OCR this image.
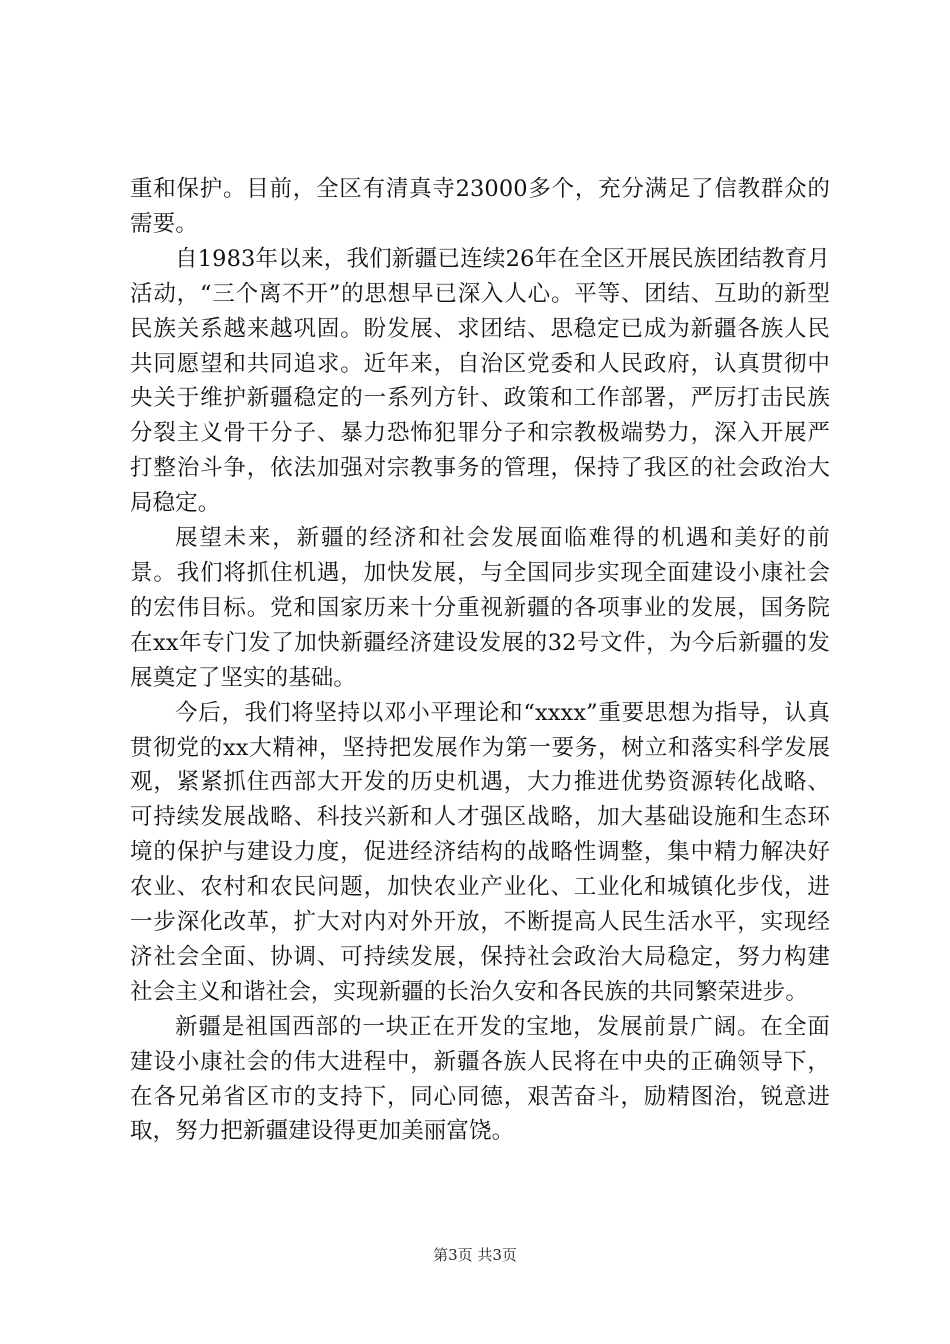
重和保护。目前，全区有清真寺23000多个，充分满足了信教群众的需要。

自1983年以来，我们新疆已连续26年在全区开展民族团结教育月活动，“三个离不开”的思想早已深入人心。平等、团结、互助的新型民族关系越来越巩固。盼发展、求团结、思稳定已成为新疆各族人民共同愿望和共同追求。近年来，自治区党委和人民政府，认真贯彻中央关于维护新疆稳定的一系列方针、政策和工作部署，严厉打击民族分裂主义骨干分子、暴力恐怖犯罪分子和宗教极端势力，深入开展严打整治斗争，依法加强对宗教事务的管理，保持了我区的社会政治大局稳定。

展望未来，新疆的经济和社会发展面临难得的机遇和美好的前景。我们将抓住机遇，加快发展，与全国同步实现全面建设小康社会的宏伟目标。党和国家历来十分重视新疆的各项事业的发展，国务院在xx年专门发了加快新疆经济建设发展的32号文件，为今后新疆的发展奠定了坚实的基础。

今后，我们将坚持以邓小平理论和“xxxx”重要思想为指导，认真贯彻党的xx大精神，坚持把发展作为第一要务，树立和落实科学发展观，紧紧抓住西部大开发的历史机遇，大力推进优势资源转化战略、可持续发展战略、科技兴新和人才强区战略，加大基础设施和生态环境的保护与建设力度，促进经济结构的战略性调整，集中精力解决好农业、农村和农民问题，加快农业产业化、工业化和城镇化步伐，进一步深化改革，扩大对内对外开放，不断提高人民生活水平，实现经济社会全面、协调、可持续发展，保持社会政治大局稳定，努力构建社会主义和谐社会，实现新疆的长治久安和各民族的共同繁荣进步。

新疆是祖国西部的一块正在开发的宝地，发展前景广阔。在全面建设小康社会的伟大进程中，新疆各族人民将在中央的正确领导下，在各兄弟省区市的支持下，同心同德，艰苦奋斗，励精图治，锐意进取，努力把新疆建设得更加美丽富饶。

第3页 共3页
